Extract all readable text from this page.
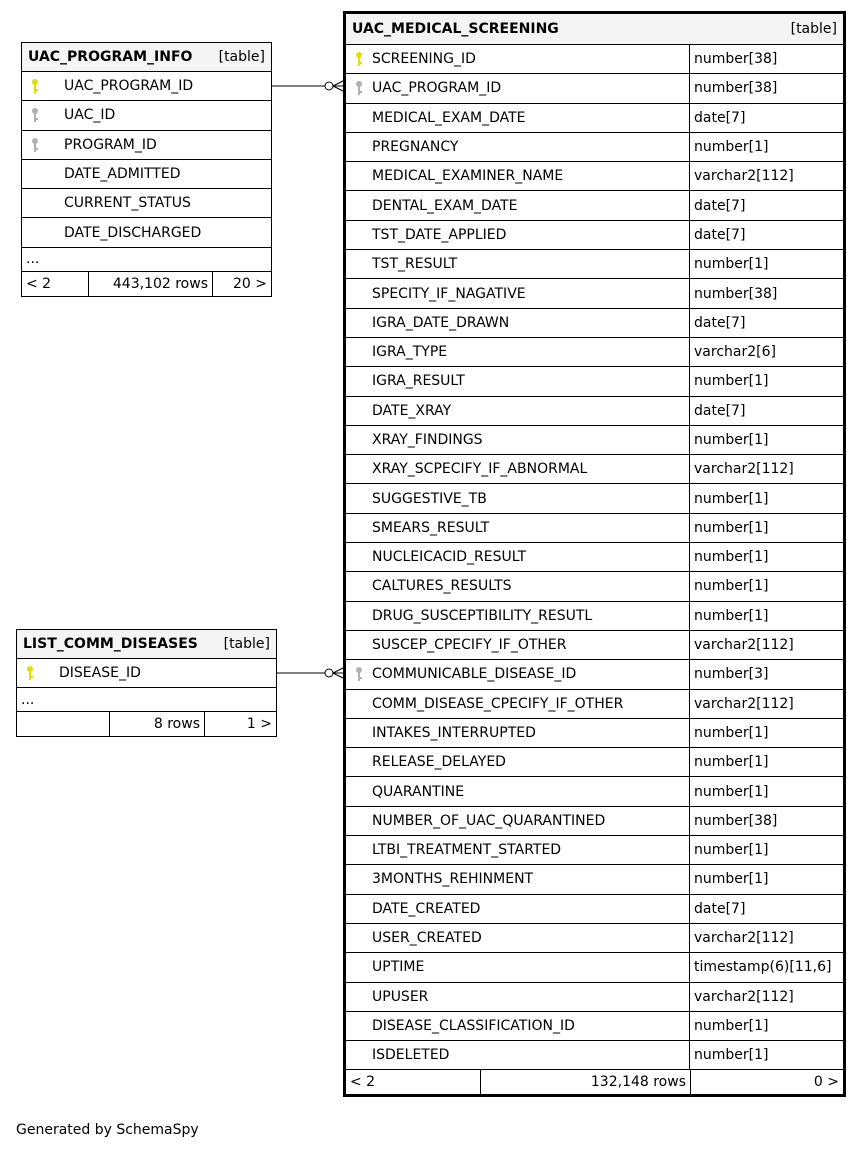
UAC_PROGRAM_INFO [table]
UAC_PROGRAM_ID
UAC_ID
PROGRAM_ID
DATE_ADMITTED
CURRENT_STATUS
DATE_DISCHARGED
...
< 2	443,102 rows	20 >
LIST_COMM_DISEASES [table]
DISEASE_ID
...
8 rows	1 >
UAC_MEDICAL_SCREENING	[table]
SCREENING_ID	number[38]
UAC_PROGRAM_ID	number[38]
MEDICAL_EXAM_DATE	date[7]
PREGNANCY	number[1]
MEDICAL_EXAMINER_NAME	varchar2[112]
DENTAL_EXAM_DATE	date[7]
TST_DATE_APPLIED	date[7]
TST_RESULT	number[1]
SPECITY_IF_NAGATIVE	number[38]
IGRA_DATE_DRAWN	date[7]
IGRA_TYPE	varchar2[6]
IGRA_RESULT	number[1]
DATE_XRAY	date[7]
XRAY_FINDINGS	number[1]
XRAY_SCPECIFY_IF_ABNORMAL	varchar2[112]
SUGGESTIVE_TB	number[1]
SMEARS_RESULT	number[1]
NUCLEICACID_RESULT	number[1]
CALTURES_RESULTS	number[1]
DRUG_SUSCEPTIBILITY_RESUTL	number[1]
SUSCEP_CPECIFY_IF_OTHER	varchar2[112]
COMMUNICABLE_DISEASE_ID	number[3]
COMM_DISEASE_CPECIFY_IF_OTHER	varchar2[112]
INTAKES_INTERRUPTED	number[1]
RELEASE_DELAYED	number[1]
QUARANTINE	number[1]
NUMBER_OF_UAC_QUARANTINED	number[38]
LTBI_TREATMENT_STARTED	number[1]
3MONTHS_REHINMENT	number[1]
DATE_CREATED	date[7]
USER_CREATED	varchar2[112]
UPTIME	timestamp(6)[11,6]
UPUSER	varchar2[112]
DISEASE_CLASSIFICATION_ID	number[1]
ISDELETED	number[1]
< 2	132,148 rows	0 >
Generated by SchemaSpy
